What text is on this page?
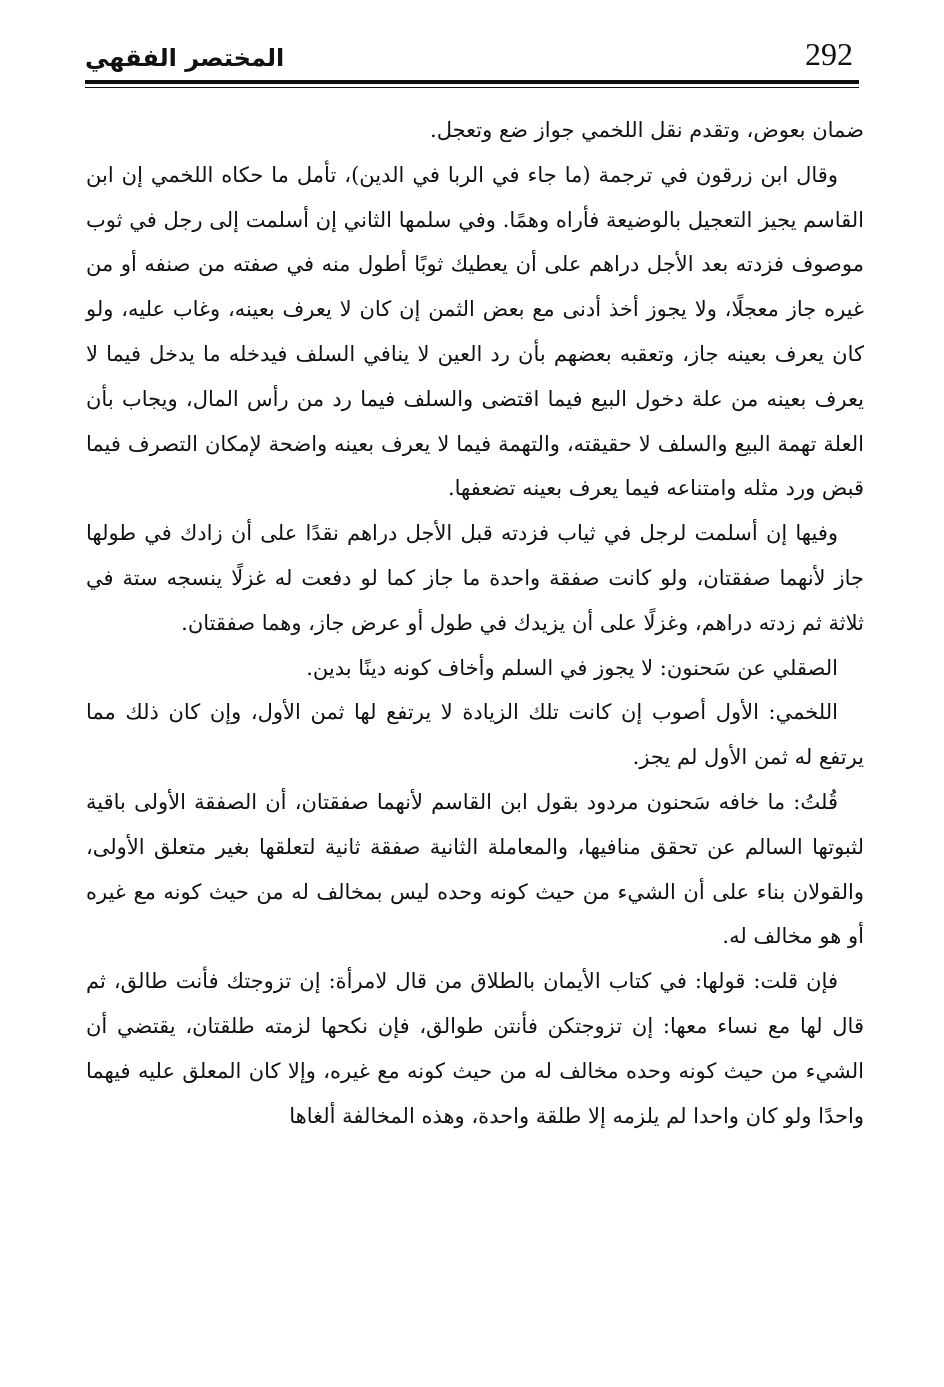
292
المختصر الفقهي

ضمان بعوض، وتقدم نقل اللخمي جواز ضع وتعجل.

وقال ابن زرقون في ترجمة (ما جاء في الربا في الدين)، تأمل ما حكاه اللخمي إن ابن القاسم يجيز التعجيل بالوضيعة فأراه وهمًا. وفي سلمها الثاني إن أسلمت إلى رجل في ثوب موصوف فزدته بعد الأجل دراهم على أن يعطيك ثوبًا أطول منه في صفته من صنفه أو من غيره جاز معجلًا، ولا يجوز أخذ أدنى مع بعض الثمن إن كان لا يعرف بعينه، وغاب عليه، ولو كان يعرف بعينه جاز، وتعقبه بعضهم بأن رد العين لا ينافي السلف فيدخله ما يدخل فيما لا يعرف بعينه من علة دخول البيع فيما اقتضى والسلف فيما رد من رأس المال، ويجاب بأن العلة تهمة البيع والسلف لا حقيقته، والتهمة فيما لا يعرف بعينه واضحة لإمكان التصرف فيما قبض ورد مثله وامتناعه فيما يعرف بعينه تضعفها.

وفيها إن أسلمت لرجل في ثياب فزدته قبل الأجل دراهم نقدًا على أن زادك في طولها جاز لأنهما صفقتان، ولو كانت صفقة واحدة ما جاز كما لو دفعت له غزلًا ينسجه ستة في ثلاثة ثم زدته دراهم، وغزلًا على أن يزيدك في طول أو عرض جاز، وهما صفقتان.

الصقلي عن سَحنون: لا يجوز في السلم وأخاف كونه دينًا بدين.

اللخمي: الأول أصوب إن كانت تلك الزيادة لا يرتفع لها ثمن الأول، وإن كان ذلك مما يرتفع له ثمن الأول لم يجز.

قُلتُ: ما خافه سَحنون مردود بقول ابن القاسم لأنهما صفقتان، أن الصفقة الأولى باقية لثبوتها السالم عن تحقق منافيها، والمعاملة الثانية صفقة ثانية لتعلقها بغير متعلق الأولى، والقولان بناء على أن الشيء من حيث كونه وحده ليس بمخالف له من حيث كونه مع غيره أو هو مخالف له.

فإن قلت: قولها: في كتاب الأيمان بالطلاق من قال لامرأة: إن تزوجتك فأنت طالق، ثم قال لها مع نساء معها: إن تزوجتكن فأنتن طوالق، فإن نكحها لزمته طلقتان، يقتضي أن الشيء من حيث كونه وحده مخالف له من حيث كونه مع غيره، وإلا كان المعلق عليه فيهما واحدًا ولو كان واحدا لم يلزمه إلا طلقة واحدة، وهذه المخالفة ألغاها
